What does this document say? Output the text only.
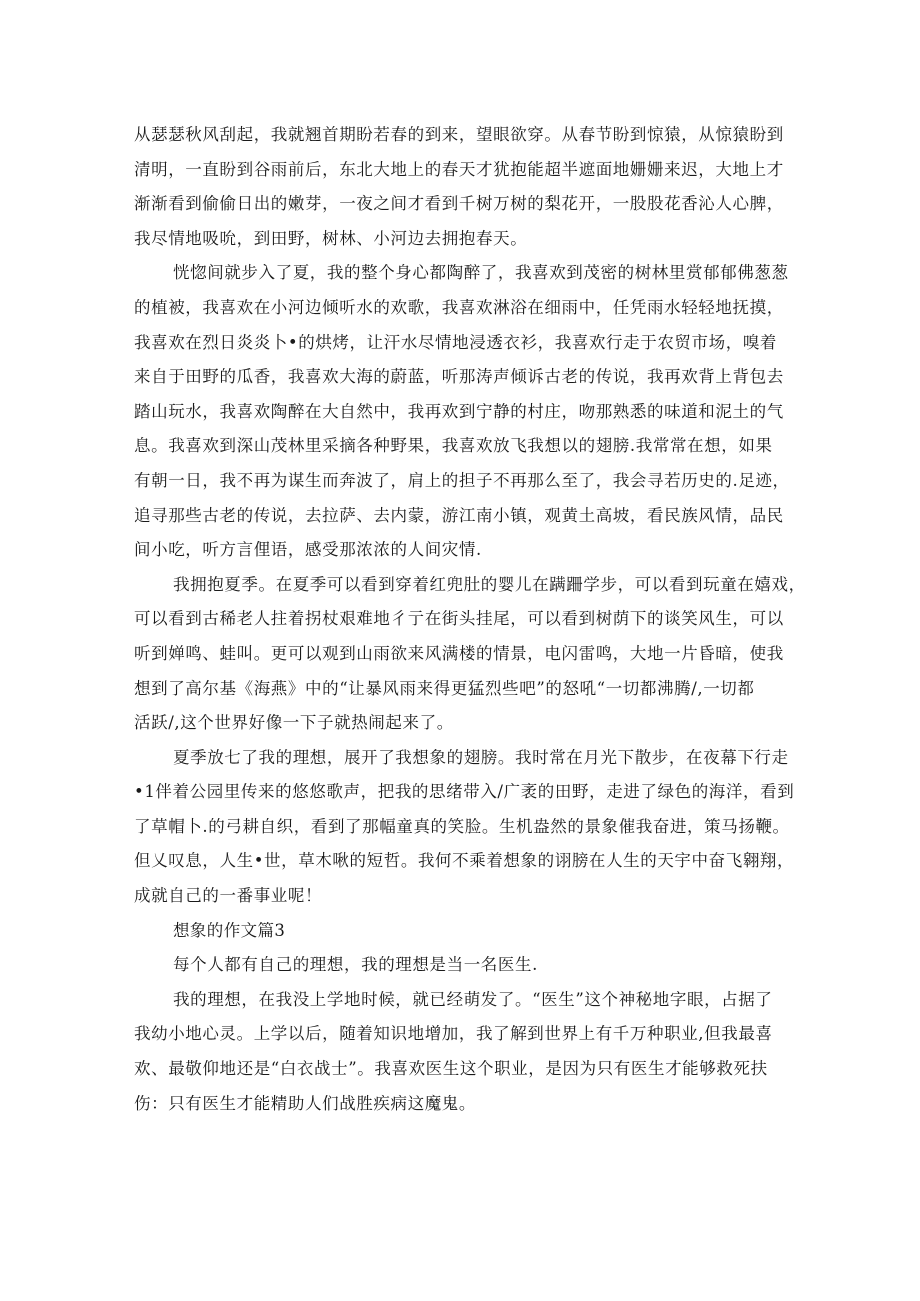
从瑟瑟秋风刮起，我就翘首期盼若春的到来，望眼欲穿。从春节盼到惊猿，从惊猿盼到
清明，一直盼到谷雨前后，东北大地上的春天才犹抱能超半遮面地姗姗来迟，大地上才
渐渐看到偷偷日出的嫩芽，一夜之间才看到千树万树的梨花开，一股股花香沁人心脾，
我尽情地吸吮，到田野，树林、小河边去拥抱春天。
恍惚间就步入了夏，我的整个身心都陶醉了，我喜欢到茂密的树林里赏郁郁佛葱葱
的植被，我喜欢在小河边倾听水的欢歌，我喜欢淋浴在细雨中，任凭雨水轻轻地抚摸，
我喜欢在烈日炎炎卜•的烘烤，让汗水尽情地浸透衣衫，我喜欢行走于农贸市场，嗅着
来自于田野的瓜香，我喜欢大海的蔚蓝，听那涛声倾诉古老的传说，我再欢背上背包去
踏山玩水，我喜欢陶醉在大自然中，我再欢到宁静的村庄，吻那熟悉的味道和泥土的气
息。我喜欢到深山茂林里采摘各种野果，我喜欢放飞我想以的翅膀.我常常在想，如果
有朝一日，我不再为谋生而奔波了，肩上的担子不再那么至了，我会寻若历史的.足迹，
追寻那些古老的传说，去拉萨、去内蒙，游江南小镇，观黄土高坡，看民族风情，品民
间小吃，听方言俚语，感受那浓浓的人间灾情.
我拥抱夏季。在夏季可以看到穿着红兜肚的婴儿在蹒跚学步，可以看到玩童在嬉戏，
可以看到古稀老人拄着拐杖艰难地彳亍在街头挂尾，可以看到树荫下的谈笑风生，可以
听到婵鸣、蛙叫。更可以观到山雨欲来风满楼的情景，电闪雷鸣，大地一片昏暗，使我
想到了高尔基《海燕》中的“让暴风雨来得更猛烈些吧”的怒吼“一切都沸腾/,一切都
活跃/,这个世界好像一下子就热闹起来了。
夏季放七了我的理想，展开了我想象的翅膀。我时常在月光下散步，在夜幕下行走
•1伴着公园里传来的悠悠歌声，把我的思绪带入/广袤的田野，走进了绿色的海洋，看到
了草帽卜.的弓耕自织，看到了那幅童真的笑脸。生机盎然的景象催我奋进，策马扬鞭。
但乂叹息，人生•世，草木啾的短哲。我何不乘着想象的诩膀在人生的天宇中奋飞翱翔，
成就自己的一番事业呢！
想象的作文篇3
每个人都有自己的理想，我的理想是当一名医生.
我的理想，在我没上学地时候，就已经萌发了。“医生”这个神秘地字眼，占据了
我幼小地心灵。上学以后，随着知识地增加，我了解到世界上有千万种职业,但我最喜
欢、最敬仰地还是“白衣战士”。我喜欢医生这个职业，是因为只有医生才能够救死扶
伤：只有医生才能精助人们战胜疾病这魔鬼。
